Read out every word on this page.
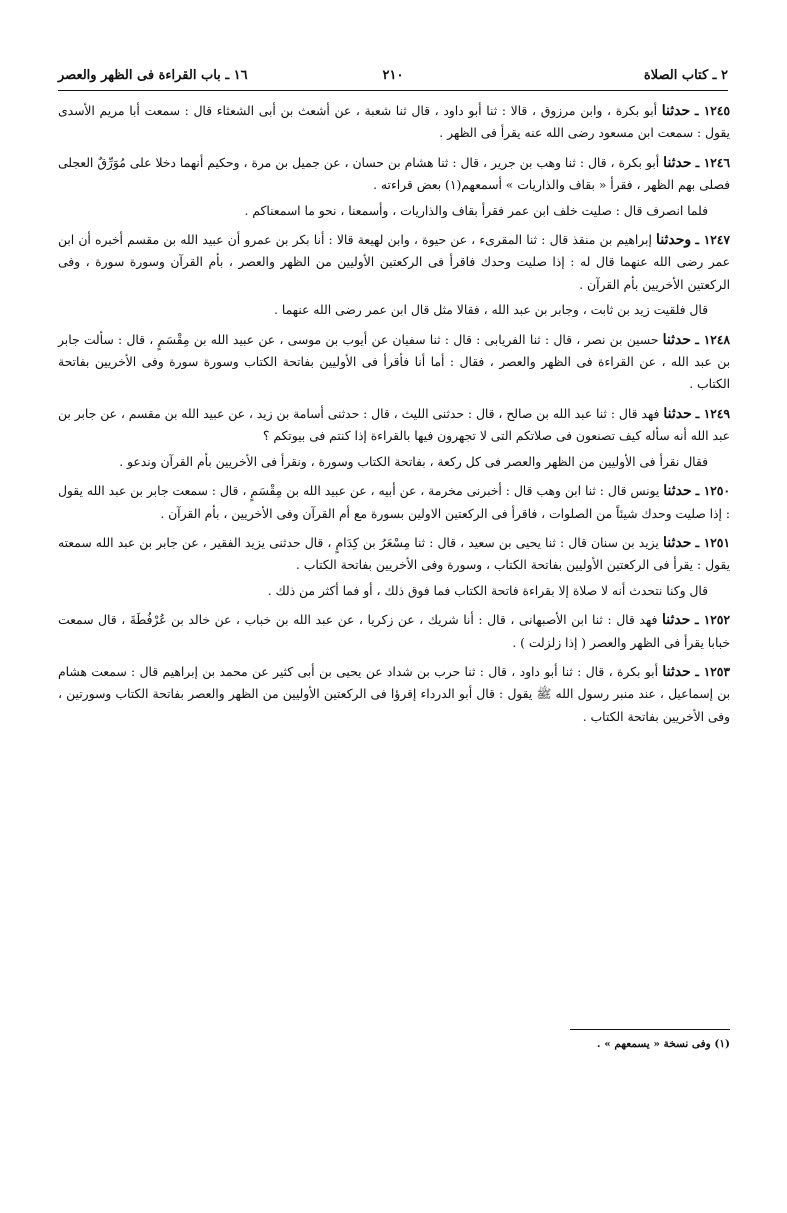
٢ ـ كتاب الصلاة
٢١٠
١٦ ـ باب القراءة فى الظهر والعصر

١٢٤٥ ـ حدثنا أبو بكرة ، وابن مرزوق ، قالا : ثنا أبو داود ، قال ثنا شعبة ، عن أشعث بن أبى الشعثاء قال : سمعت أبا مريم الأسدى يقول : سمعت ابن مسعود رضى الله عنه يقرأ فى الظهر .

١٢٤٦ ـ حدثنا أبو بكرة ، قال : ثنا وهب بن جرير ، قال : ثنا هشام بن حسان ، عن جميل بن مرة ، وحكيم أنهما دخلا على مُوَرِّقٌ العجلى فصلى بهم الظهر ، فقرأ « بقاف والذاريات » أسمعهم(١) بعض قراءته .

فلما انصرف قال : صليت خلف ابن عمر فقرأ بقاف والذاريات ، وأسمعنا ، نحو ما اسمعناكم .

١٢٤٧ ـ وحدثنا إبراهيم بن منقذ قال : ثنا المقرىء ، عن حيوة ، وابن لهيعة قالا : أنا بكر بن عمرو أن عبيد الله بن مقسم أخبره أن ابن عمر رضى الله عنهما قال له : إذا صليت وحدك فاقرأ فى الركعتين الأوليين من الظهر والعصر ، بأم القرآن وسورة سورة ، وفى الركعتين الأخريين بأم القرآن .

قال فلقيت زيد بن ثابت ، وجابر بن عبد الله ، فقالا مثل قال ابن عمر رضى الله عنهما .

١٢٤٨ ـ حدثنا حسين بن نصر ، قال : ثنا الفريابى : قال : ثنا سفيان عن أيوب بن موسى ، عن عبيد الله بن مِقْسَمٍ ، قال : سألت جابر بن عبد الله ، عن القراءة فى الظهر والعصر ، فقال : أما أنا فأقرأ فى الأوليين بفاتحة الكتاب وسورة سورة وفى الأخريين بفاتحة الكتاب .

١٢٤٩ ـ حدثنا فهد قال : ثنا عبد الله بن صالح ، قال : حدثنى الليث ، قال : حدثنى أسامة بن زيد ، عن عبيد الله بن مقسم ، عن جابر بن عبد الله أنه سأله كيف تصنعون فى صلاتكم التى لا تجهرون فيها بالقراءة إذا كنتم فى بيوتكم ؟

فقال نقرأ فى الأوليين من الظهر والعصر فى كل ركعة ، بفاتحة الكتاب وسورة ، ونقرأ فى الأخريين بأم القرآن وندعو .

١٢٥٠ ـ حدثنا يونس قال : ثنا ابن وهب قال : أخبرنى مخرمة ، عن أبيه ، عن عبيد الله بن مِقْسَمٍ ، قال : سمعت جابر بن عبد الله يقول : إذا صليت وحدك شيئاً من الصلوات ، فاقرأ فى الركعتين الاولين بسورة مع أم القرآن وفى الأخريين ، بأم القرآن .

١٢٥١ ـ حدثنا يزيد بن سنان قال : ثنا يحيى بن سعيد ، قال : ثنا مِسْعَرُ بن كِدَامٍ ، قال حدثنى يزيد الفقير ، عن جابر بن عبد الله سمعته يقول : يقرأ فى الركعتين الأوليين بفاتحة الكتاب ، وسورة وفى الأخريين بفاتحة الكتاب .

قال وكنا نتحدث أنه لا صلاة إلا بقراءة فاتحة الكتاب فما فوق ذلك ، أو فما أكثر من ذلك .

١٢٥٢ ـ حدثنا فهد قال : ثنا ابن الأصبهانى ، قال : أنا شريك ، عن زكريا ، عن عبد الله بن خباب ، عن خالد بن عُرْفُطَةَ ، قال سمعت خبابا يقرأ فى الظهر والعصر ( إذا زلزلت ) .

١٢٥٣ ـ حدثنا أبو بكرة ، قال : ثنا أبو داود ، قال : ثنا حرب بن شداد عن يحيى بن أبى كثير عن محمد بن إبراهيم قال : سمعت هشام بن إسماعيل ، عند منبر رسول الله ﷺ يقول : قال أبو الدرداء إقرؤا فى الركعتين الأوليين من الظهر والعصر بفاتحة الكتاب وسورتين ، وفى الأخريين بفاتحة الكتاب .

(١) وفى نسخة « يسمعهم » .
